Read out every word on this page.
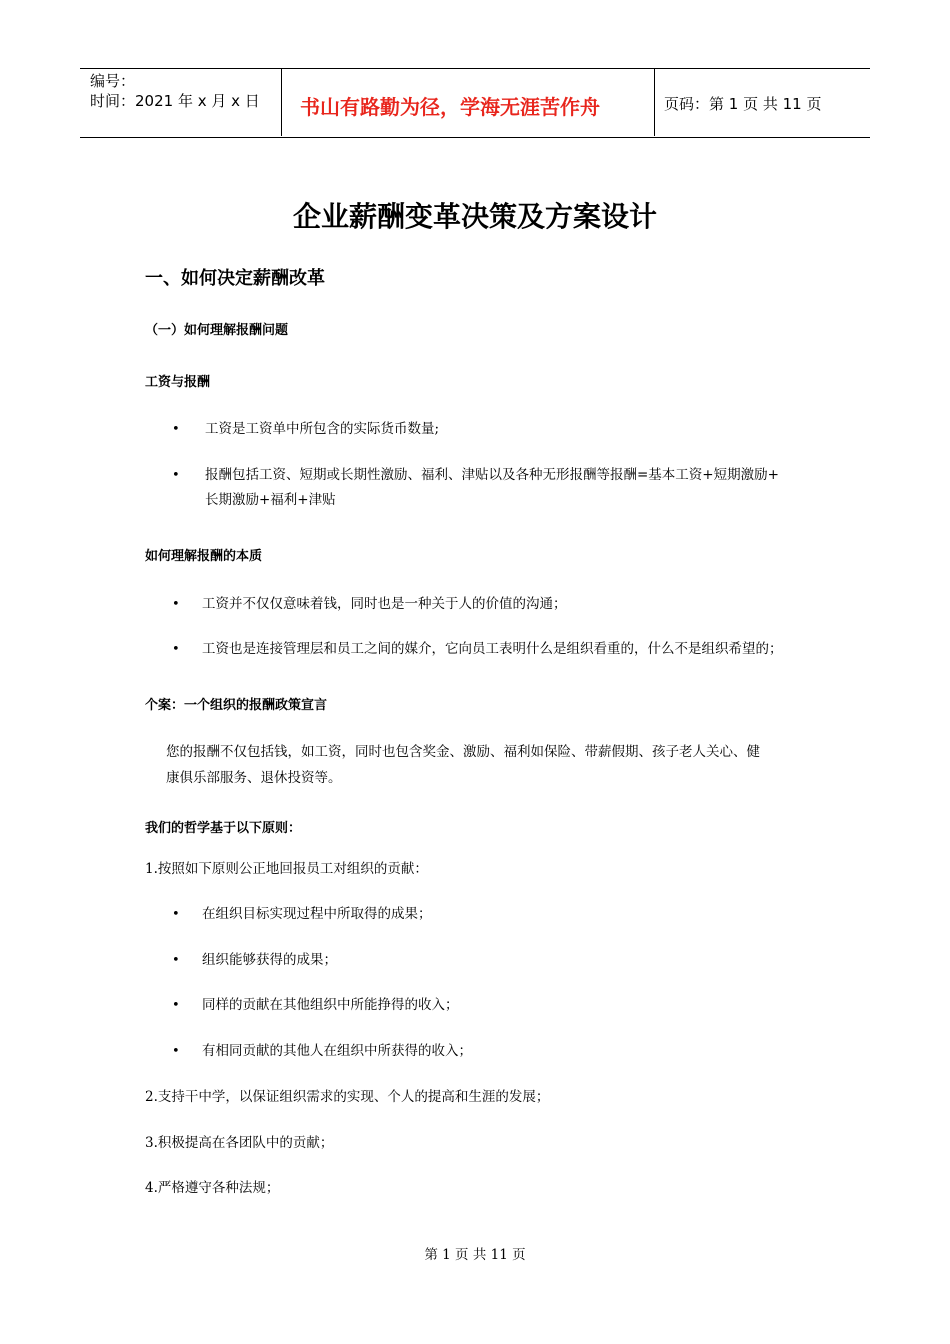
编号：
时间：2021 年 x 月 x 日 书山有路勤为径，学海无涯苦作舟	页码：第 1 页 共 11 页
企业薪酬变革决策及方案设计
一、如何决定薪酬改革
（一）如何理解报酬问题
工资与报酬
• 工资是工资单中所包含的实际货币数量;
• 报酬包括工资、短期或长期性激励、福利、津贴以及各种无形报酬等报酬=基本工资+短期激励+
长期激励+福利+津贴
如何理解报酬的本质
• 工资并不仅仅意味着钱，同时也是一种关于人的价值的沟通；
• 工资也是连接管理层和员工之间的媒介，它向员工表明什么是组织看重的，什么不是组织希望的；
个案：一个组织的报酬政策宣言
您的报酬不仅包括钱，如工资，同时也包含奖金、激励、福利如保险、带薪假期、孩子老人关心、健
康俱乐部服务、退休投资等。
我们的哲学基于以下原则：
1.按照如下原则公正地回报员工对组织的贡献：
• 在组织目标实现过程中所取得的成果；
• 组织能够获得的成果；
• 同样的贡献在其他组织中所能挣得的收入；
• 有相同贡献的其他人在组织中所获得的收入；
2.支持干中学，以保证组织需求的实现、个人的提高和生涯的发展；
3.积极提高在各团队中的贡献；
4.严格遵守各种法规；
第 1 页 共 11 页
